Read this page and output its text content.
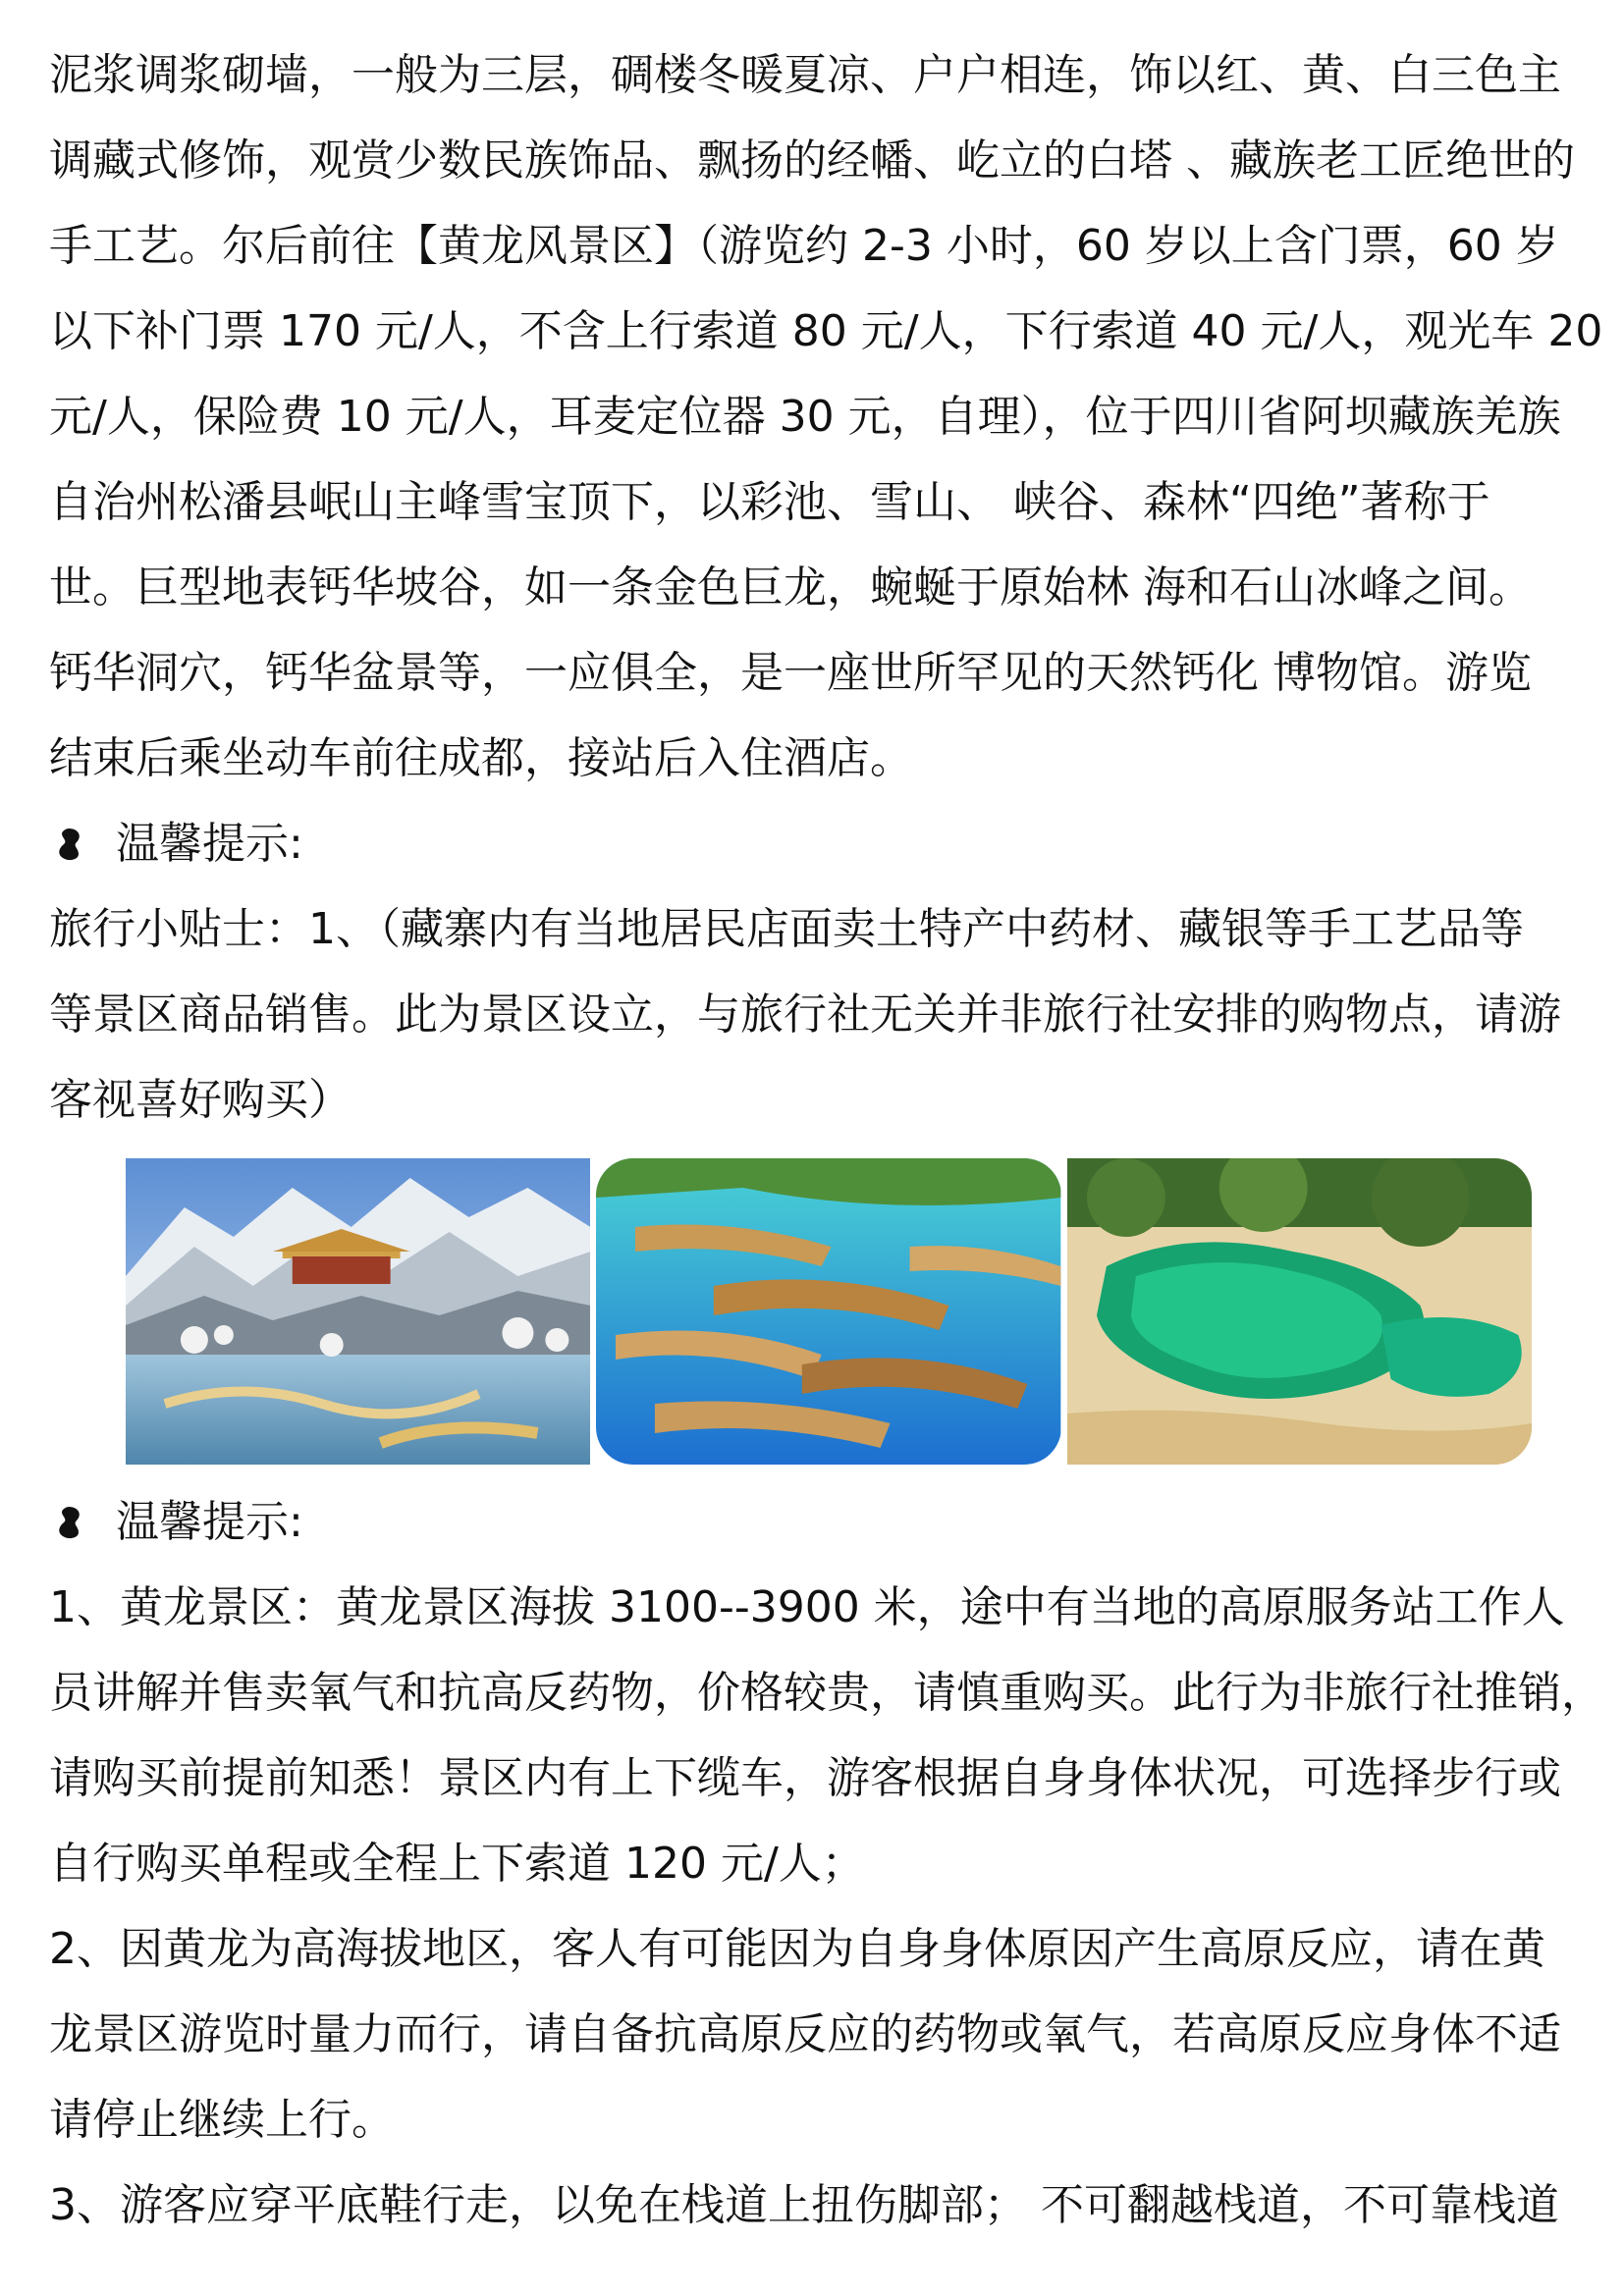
泥浆调浆砌墙，一般为三层，碉楼冬暖夏凉、户户相连，饰以红、黄、白三色主
调藏式修饰，观赏少数民族饰品、飘扬的经幡、屹立的白塔 、藏族老工匠绝世的
手工艺。尔后前往【黄龙风景区】（游览约 2-3 小时，60 岁以上含门票，60 岁
以下补门票 170 元/人，不含上行索道 80 元/人，下行索道 40 元/人，观光车 20
元/人，保险费 10 元/人，耳麦定位器 30 元，自理），位于四川省阿坝藏族羌族
自治州松潘县岷山主峰雪宝顶下，以彩池、雪山、 峡谷、森林“四绝”著称于
世。巨型地表钙华坡谷，如一条金色巨龙，蜿蜒于原始林 海和石山冰峰之间。
钙华洞穴，钙华盆景等，一应俱全，是一座世所罕见的天然钙化 博物馆。游览
结束后乘坐动车前往成都，接站后入住酒店。
温馨提示:
旅行小贴士：1、（藏寨内有当地居民店面卖土特产中药材、藏银等手工艺品等
等景区商品销售。此为景区设立，与旅行社无关并非旅行社安排的购物点，请游
客视喜好购买）
温馨提示:
1、黄龙景区：黄龙景区海拔 3100--3900 米，途中有当地的高原服务站工作人
员讲解并售卖氧气和抗高反药物，价格较贵，请慎重购买。此行为非旅行社推销，
请购买前提前知悉！景区内有上下缆车，游客根据自身身体状况，可选择步行或
自行购买单程或全程上下索道 120 元/人；
2、因黄龙为高海拔地区，客人有可能因为自身身体原因产生高原反应，请在黄
龙景区游览时量力而行，请自备抗高原反应的药物或氧气，若高原反应身体不适
请停止继续上行。
3、游客应穿平底鞋行走，以免在栈道上扭伤脚部； 不可翻越栈道，不可靠栈道
